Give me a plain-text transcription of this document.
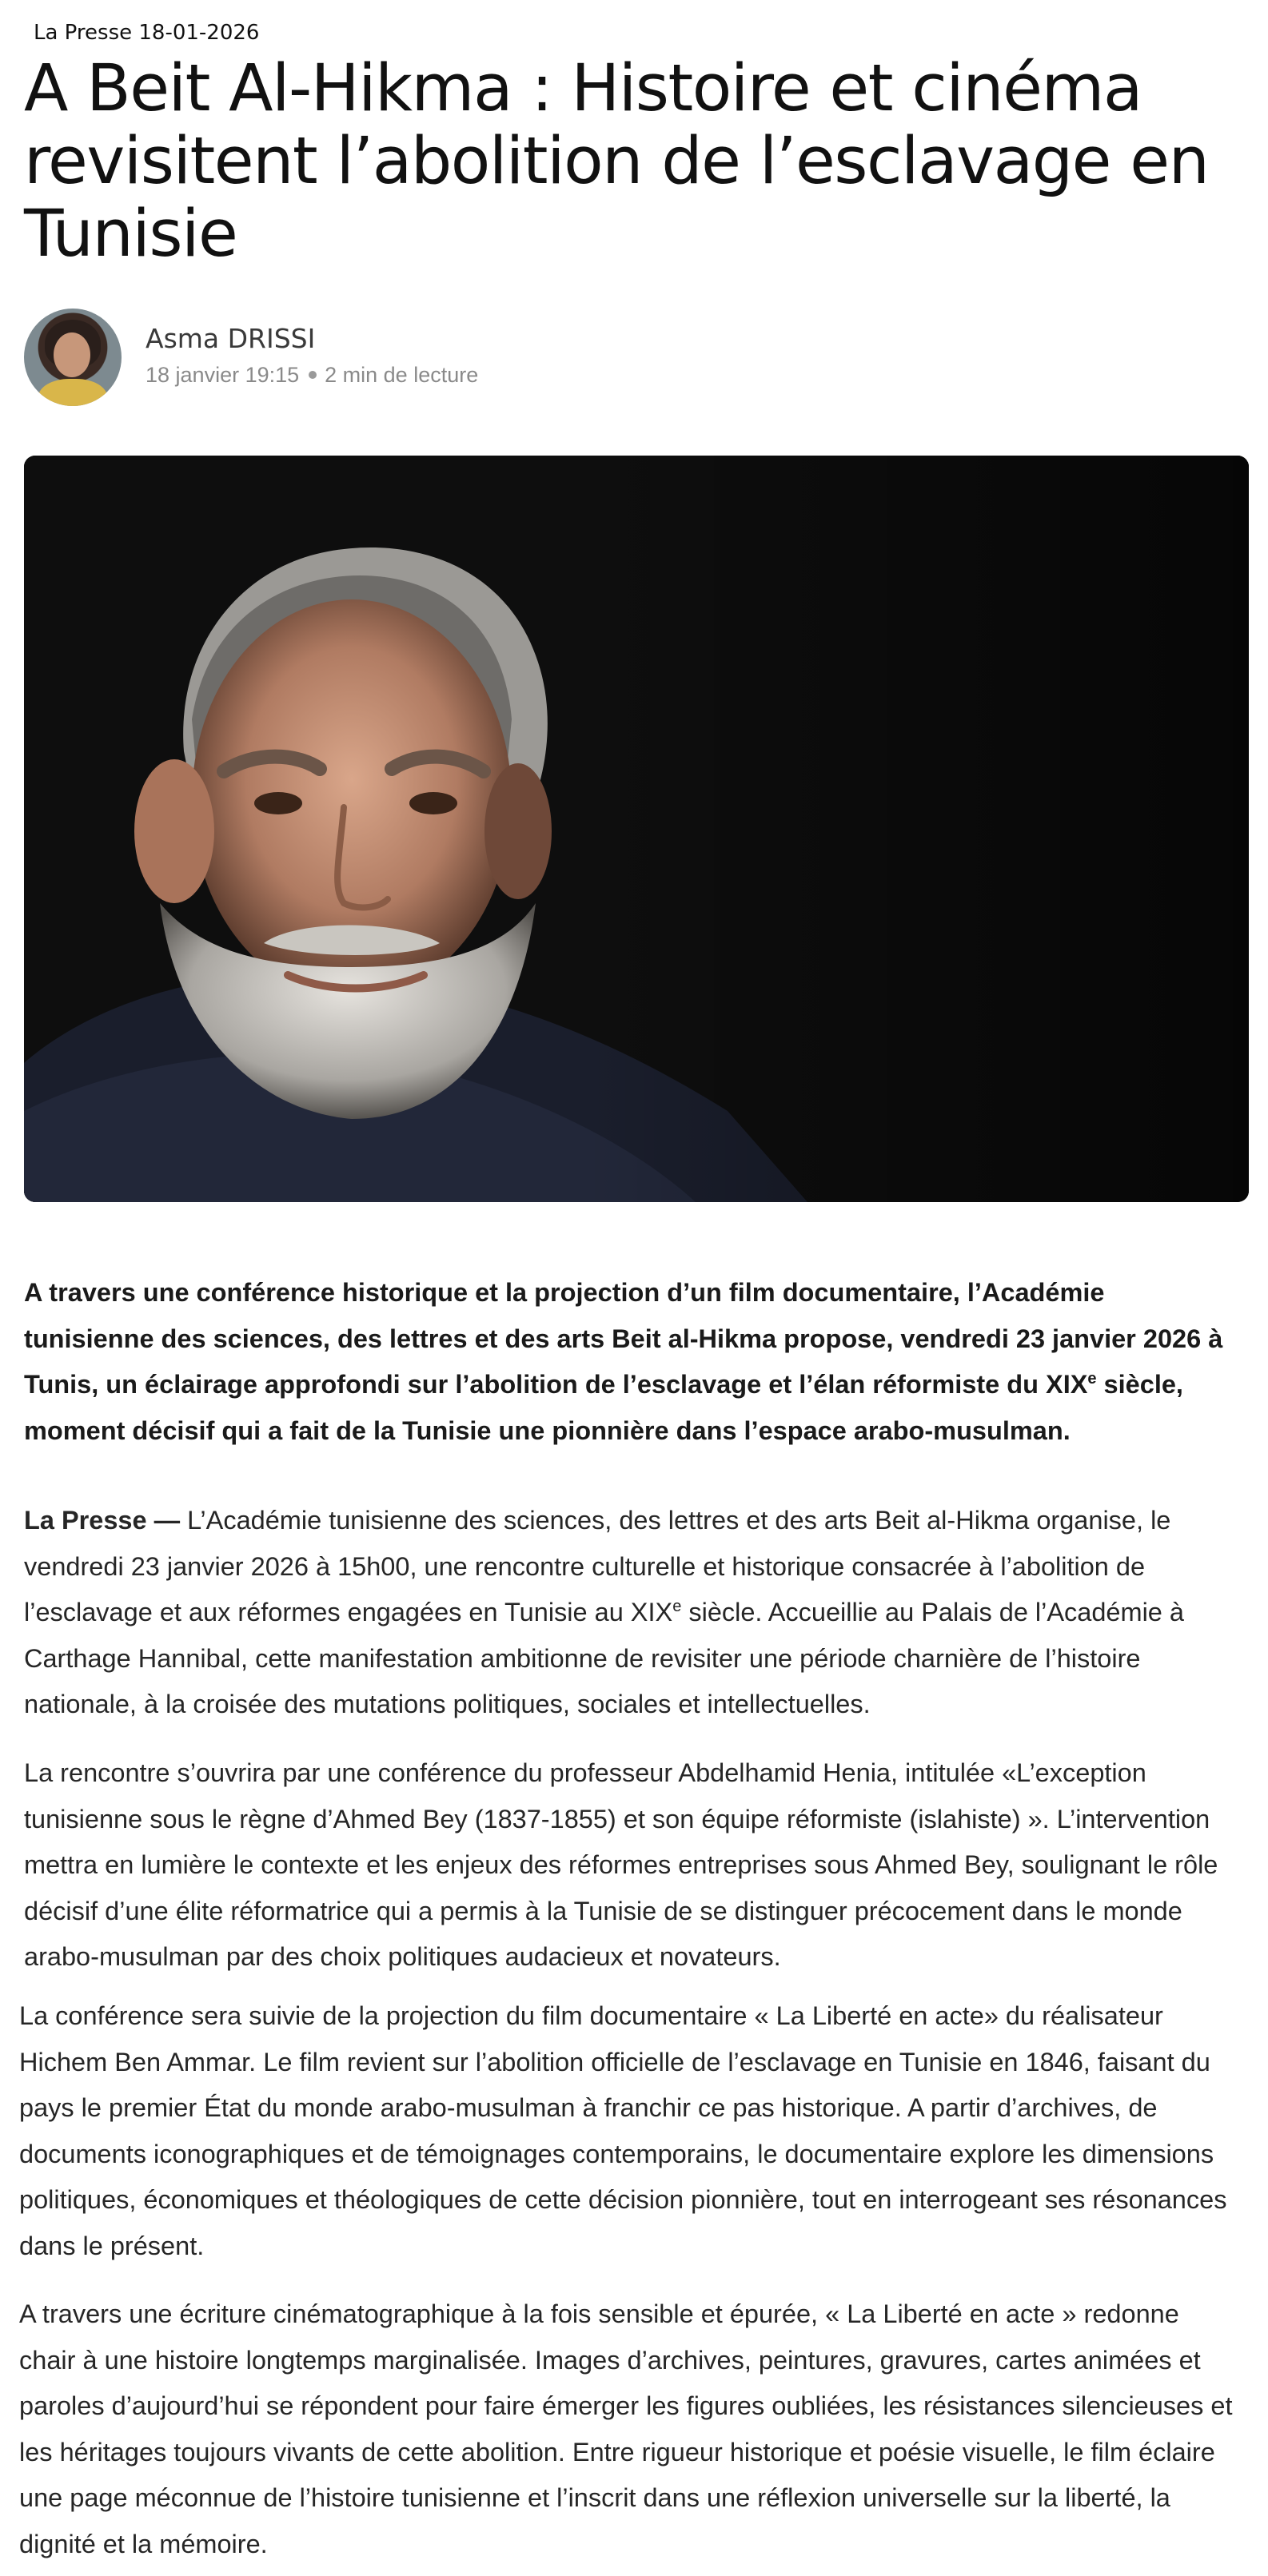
La Presse 18-01-2026
A Beit Al-Hikma : Histoire et cinéma revisitent l’abolition de l’esclavage en Tunisie
Asma DRISSI
18 janvier 19:15 2 min de lecture

A travers une conférence historique et la projection d’un film documentaire, l’Académie tunisienne des sciences, des lettres et des arts Beit al-Hikma propose, vendredi 23 janvier 2026 à Tunis, un éclairage approfondi sur l’abolition de l’esclavage et l’élan réformiste du XIXe siècle, moment décisif qui a fait de la Tunisie une pionnière dans l’espace arabo-musulman.

La Presse — L’Académie tunisienne des sciences, des lettres et des arts Beit al-Hikma organise, le vendredi 23 janvier 2026 à 15h00, une rencontre culturelle et historique consacrée à l’abolition de l’esclavage et aux réformes engagées en Tunisie au XIXe siècle. Accueillie au Palais de l’Académie à Carthage Hannibal, cette manifestation ambitionne de revisiter une période charnière de l’histoire nationale, à la croisée des mutations politiques, sociales et intellectuelles.

La rencontre s’ouvrira par une conférence du professeur Abdelhamid Henia, intitulée «L’exception tunisienne sous le règne d’Ahmed Bey (1837-1855) et son équipe réformiste (islahiste) ». L’intervention mettra en lumière le contexte et les enjeux des réformes entreprises sous Ahmed Bey, soulignant le rôle décisif d’une élite réformatrice qui a permis à la Tunisie de se distinguer précocement dans le monde arabo-musulman par des choix politiques audacieux et novateurs.

La conférence sera suivie de la projection du film documentaire « La Liberté en acte» du réalisateur Hichem Ben Ammar. Le film revient sur l’abolition officielle de l’esclavage en Tunisie en 1846, faisant du pays le premier État du monde arabo-musulman à franchir ce pas historique. A partir d’archives, de documents iconographiques et de témoignages contemporains, le documentaire explore les dimensions politiques, économiques et théologiques de cette décision pionnière, tout en interrogeant ses résonances dans le présent.

A travers une écriture cinématographique à la fois sensible et épurée, « La Liberté en acte » redonne chair à une histoire longtemps marginalisée. Images d’archives, peintures, gravures, cartes animées et paroles d’aujourd’hui se répondent pour faire émerger les figures oubliées, les résistances silencieuses et les héritages toujours vivants de cette abolition. Entre rigueur historique et poésie visuelle, le film éclaire une page méconnue de l’histoire tunisienne et l’inscrit dans une réflexion universelle sur la liberté, la dignité et la mémoire.
